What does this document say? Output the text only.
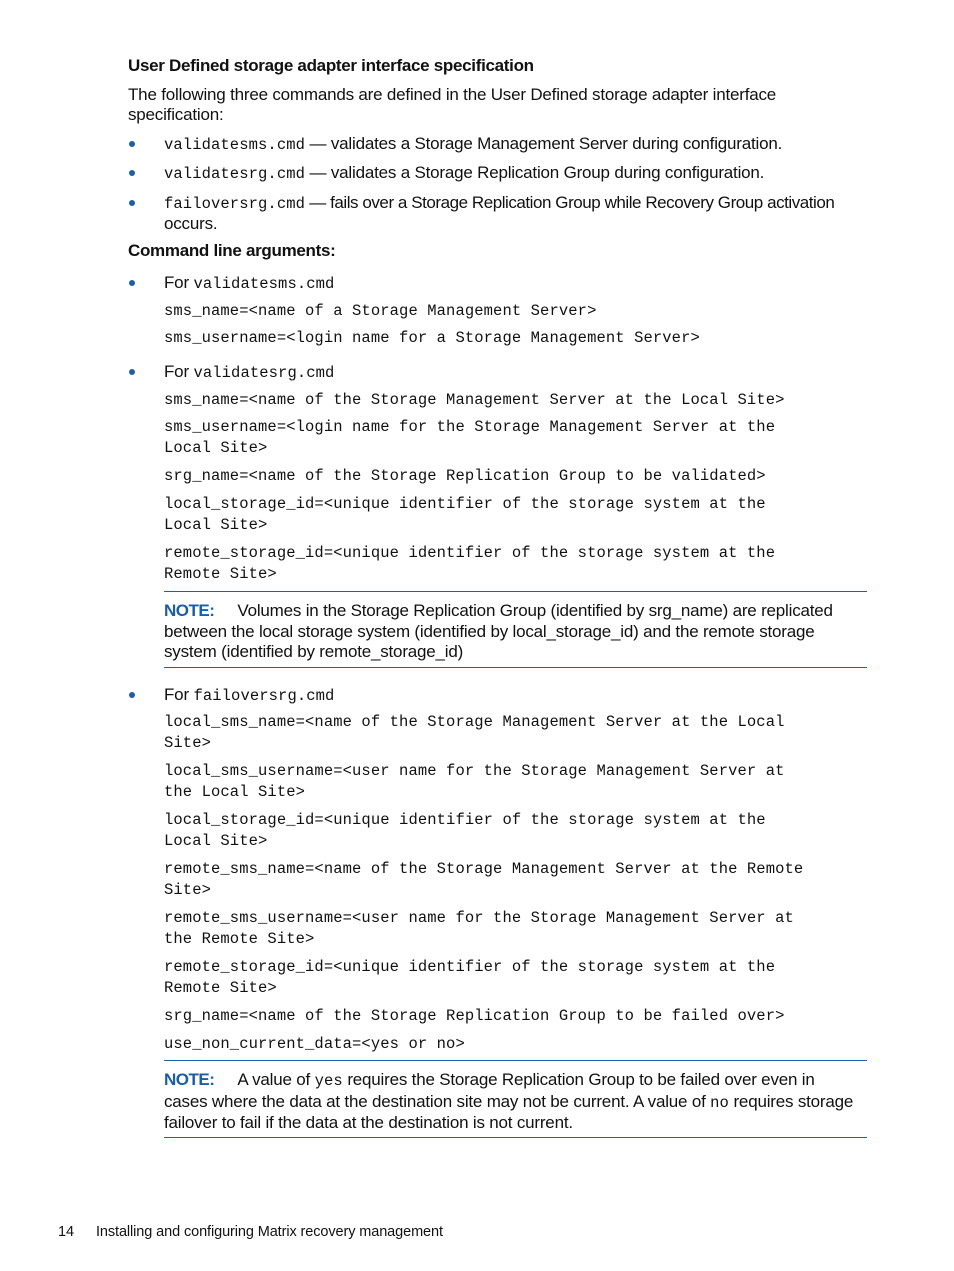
User Defined storage adapter interface specification

The following three commands are defined in the User Defined storage adapter interface

specification:

validatesms.cmd — validates a Storage Management Server during configuration.

validatesrg.cmd — validates a Storage Replication Group during configuration.

failoversrg.cmd — fails over a Storage Replication Group while Recovery Group activation

occurs.

Command line arguments:

For validatesms.cmd

sms_name=<name of a Storage Management Server>

sms_username=<login name for a Storage Management Server>

For validatesrg.cmd

sms_name=<name of the Storage Management Server at the Local Site>

sms_username=<login name for the Storage Management Server at the

Local Site>

srg_name=<name of the Storage Replication Group to be validated>

local_storage_id=<unique identifier of the storage system at the

Local Site>

remote_storage_id=<unique identifier of the storage system at the

Remote Site>

NOTE: Volumes in the Storage Replication Group (identified by srg_name) are replicated

between the local storage system (identified by local_storage_id) and the remote storage

system (identified by remote_storage_id)

For failoversrg.cmd

local_sms_name=<name of the Storage Management Server at the Local

Site>

local_sms_username=<user name for the Storage Management Server at

the Local Site>

local_storage_id=<unique identifier of the storage system at the

Local Site>

remote_sms_name=<name of the Storage Management Server at the Remote

Site>

remote_sms_username=<user name for the Storage Management Server at

the Remote Site>

remote_storage_id=<unique identifier of the storage system at the

Remote Site>

srg_name=<name of the Storage Replication Group to be failed over>

use_non_current_data=<yes or no>

NOTE: A value of yes requires the Storage Replication Group to be failed over even in

cases where the data at the destination site may not be current. A value of no requires storage

failover to fail if the data at the destination is not current.

14 Installing and configuring Matrix recovery management
